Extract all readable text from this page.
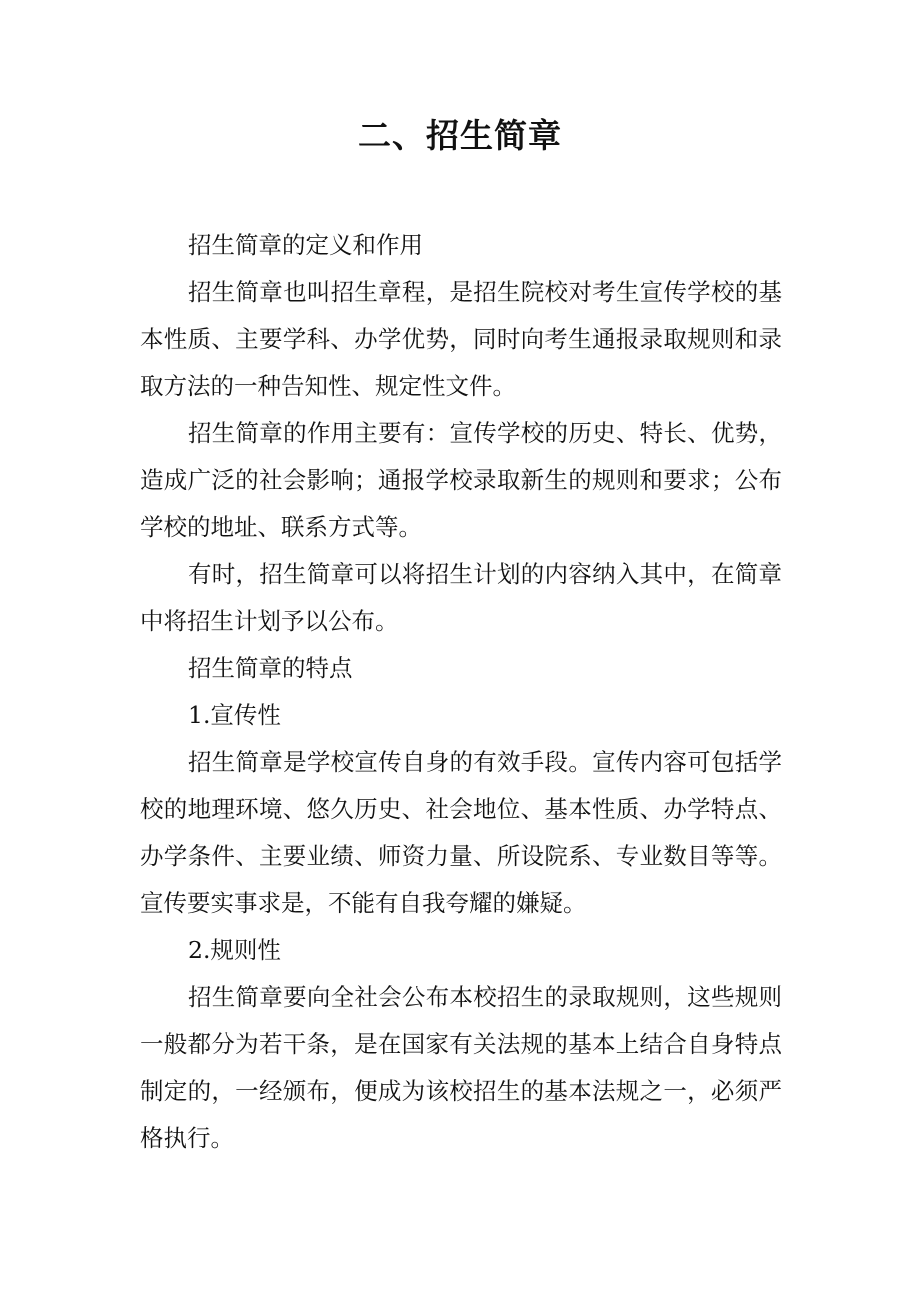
二、招生简章

招生简章的定义和作用

招生简章也叫招生章程，是招生院校对考生宣传学校的基本性质、主要学科、办学优势，同时向考生通报录取规则和录取方法的一种告知性、规定性文件。

招生简章的作用主要有：宣传学校的历史、特长、优势，造成广泛的社会影响；通报学校录取新生的规则和要求；公布学校的地址、联系方式等。

有时，招生简章可以将招生计划的内容纳入其中，在简章中将招生计划予以公布。

招生简章的特点

1.宣传性

招生简章是学校宣传自身的有效手段。宣传内容可包括学校的地理环境、悠久历史、社会地位、基本性质、办学特点、办学条件、主要业绩、师资力量、所设院系、专业数目等等。宣传要实事求是，不能有自我夸耀的嫌疑。

2.规则性

招生简章要向全社会公布本校招生的录取规则，这些规则一般都分为若干条，是在国家有关法规的基本上结合自身特点制定的，一经颁布，便成为该校招生的基本法规之一，必须严格执行。
